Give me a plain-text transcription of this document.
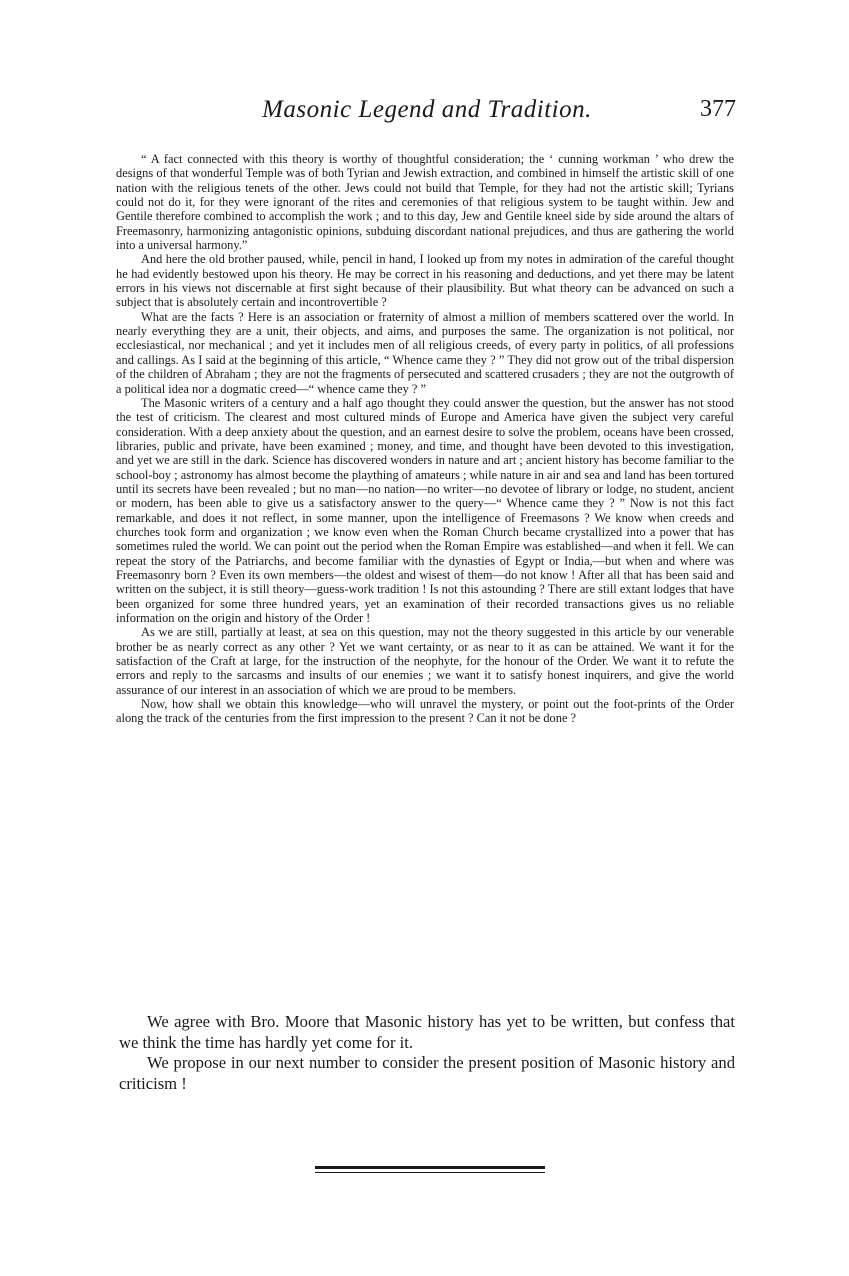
Masonic Legend and Tradition.	377

“ A fact connected with this theory is worthy of thoughtful consideration; the ‘ cunning workman ’ who drew the designs of that wonderful Temple was of both Tyrian and Jewish extraction, and combined in himself the artistic skill of one nation with the religious tenets of the other. Jews could not build that Temple, for they had not the artistic skill; Tyrians could not do it, for they were ignorant of the rites and ceremonies of that religious system to be taught within. Jew and Gentile therefore combined to accomplish the work ; and to this day, Jew and Gentile kneel side by side around the altars of Freemasonry, harmonizing antagonistic opinions, subduing discordant national prejudices, and thus are gathering the world into a universal harmony.”

And here the old brother paused, while, pencil in hand, I looked up from my notes in admiration of the careful thought he had evidently bestowed upon his theory. He may be correct in his reasoning and deductions, and yet there may be latent errors in his views not discernable at first sight because of their plausibility. But what theory can be advanced on such a subject that is absolutely certain and incontrovertible ?

What are the facts ? Here is an association or fraternity of almost a million of members scattered over the world. In nearly everything they are a unit, their objects, and aims, and purposes the same. The organization is not political, nor ecclesiastical, nor mechanical ; and yet it includes men of all religious creeds, of every party in politics, of all professions and callings. As I said at the beginning of this article, “ Whence came they ? ” They did not grow out of the tribal dispersion of the children of Abraham ; they are not the fragments of persecuted and scattered crusaders ; they are not the outgrowth of a political idea nor a dogmatic creed—“ whence came they ? ”

The Masonic writers of a century and a half ago thought they could answer the question, but the answer has not stood the test of criticism. The clearest and most cultured minds of Europe and America have given the subject very careful consideration. With a deep anxiety about the question, and an earnest desire to solve the problem, oceans have been crossed, libraries, public and private, have been examined ; money, and time, and thought have been devoted to this investigation, and yet we are still in the dark. Science has discovered wonders in nature and art ; ancient history has become familiar to the school-boy ; astronomy has almost become the plaything of amateurs ; while nature in air and sea and land has been tortured until its secrets have been revealed ; but no man—no nation—no writer—no devotee of library or lodge, no student, ancient or modern, has been able to give us a satisfactory answer to the query—“ Whence came they ? ” Now is not this fact remarkable, and does it not reflect, in some manner, upon the intelligence of Freemasons ? We know when creeds and churches took form and organization ; we know even when the Roman Church became crystallized into a power that has sometimes ruled the world. We can point out the period when the Roman Empire was established—and when it fell. We can repeat the story of the Patriarchs, and become familiar with the dynasties of Egypt or India,—but when and where was Freemasonry born ? Even its own members—the oldest and wisest of them—do not know ! After all that has been said and written on the subject, it is still theory—guess-work tradition ! Is not this astounding ? There are still extant lodges that have been organized for some three hundred years, yet an examination of their recorded transactions gives us no reliable information on the origin and history of the Order !

As we are still, partially at least, at sea on this question, may not the theory suggested in this article by our venerable brother be as nearly correct as any other ? Yet we want certainty, or as near to it as can be attained. We want it for the satisfaction of the Craft at large, for the instruction of the neophyte, for the honour of the Order. We want it to refute the errors and reply to the sarcasms and insults of our enemies ; we want it to satisfy honest inquirers, and give the world assurance of our interest in an association of which we are proud to be members.

Now, how shall we obtain this knowledge—who will unravel the mystery, or point out the foot-prints of the Order along the track of the centuries from the first impression to the present ? Can it not be done ?

We agree with Bro. Moore that Masonic history has yet to be written, but confess that we think the time has hardly yet come for it.

We propose in our next number to consider the present position of Masonic history and criticism !
